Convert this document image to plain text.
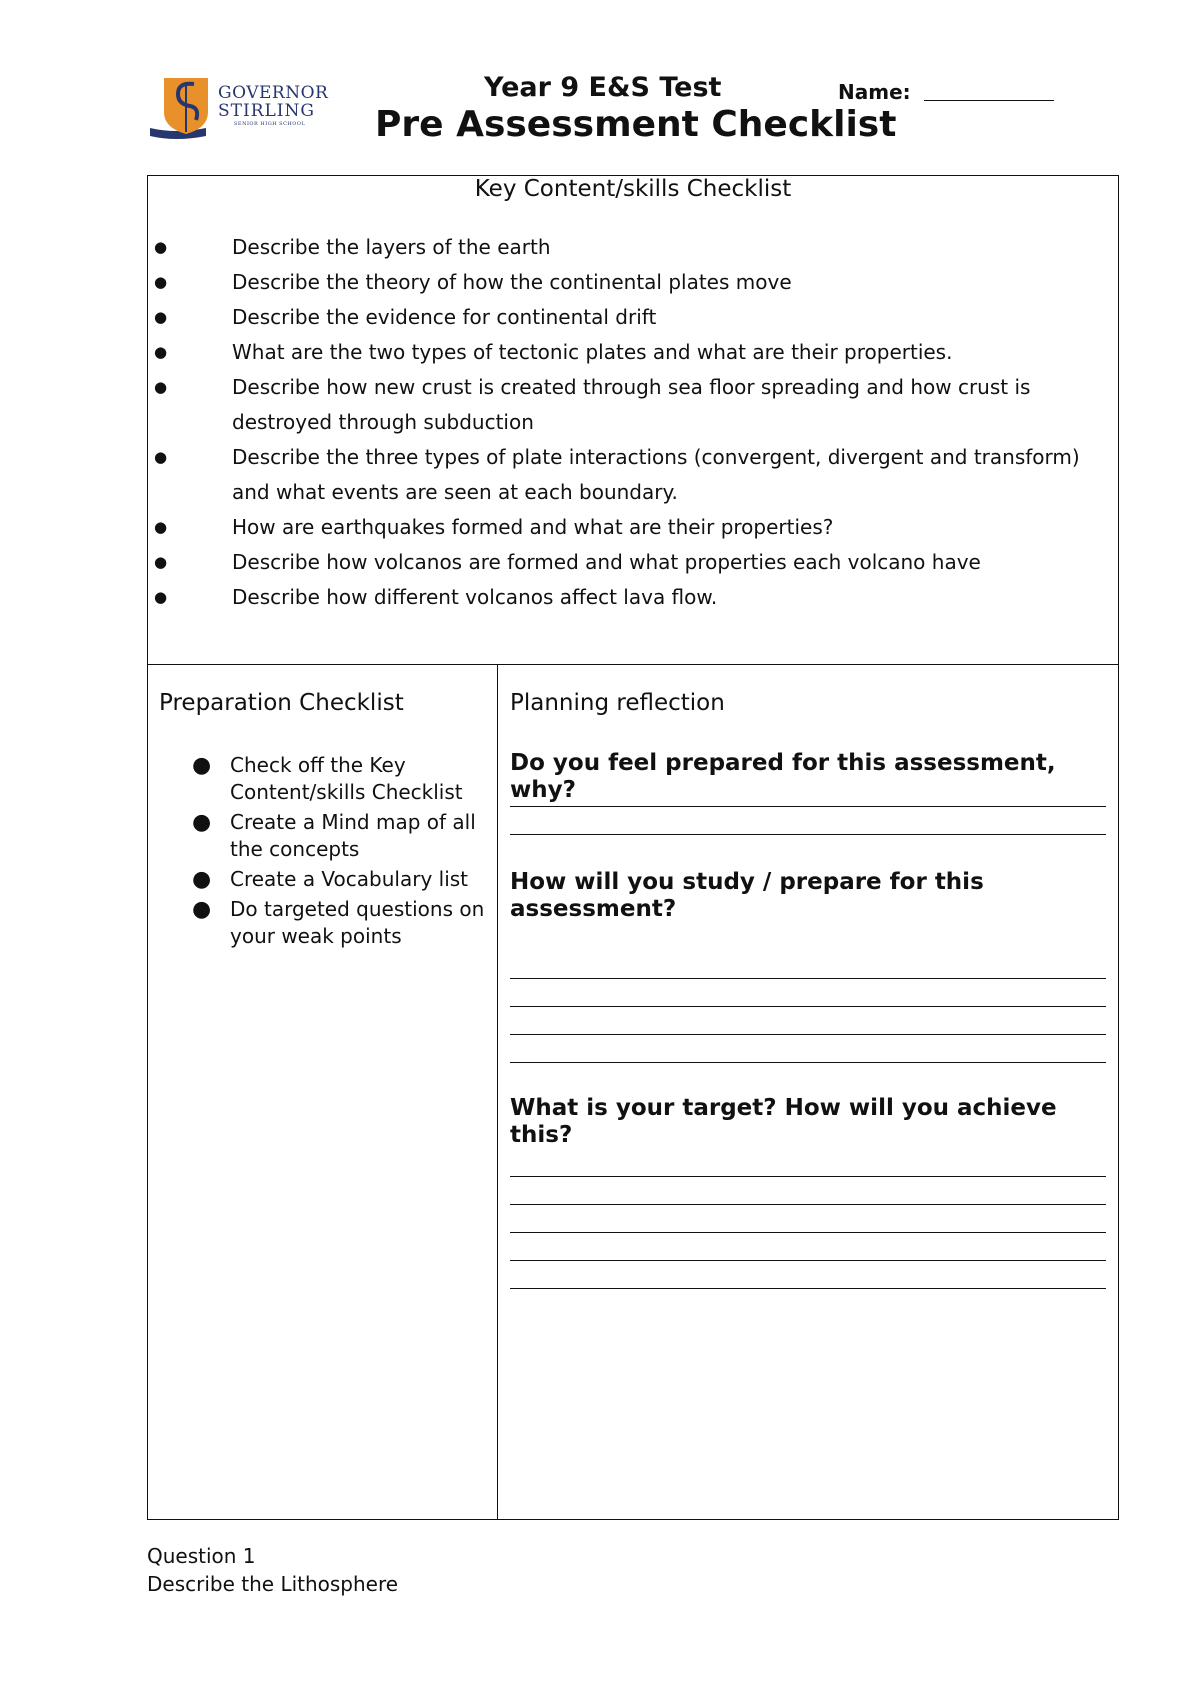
GOVERNOR
STIRLING
SENIOR HIGH SCHOOL
Year 9 E&S Test	Name:
Pre Assessment Checklist
Key Content/skills Checklist
●	Describe the layers of the earth
●	Describe the theory of how the continental plates move
●	Describe the evidence for continental drift
●	What are the two types of tectonic plates and what are their properties.
●	Describe how new crust is created through sea floor spreading and how crust is destroyed through subduction
●	Describe the three types of plate interactions (convergent, divergent and transform) and what events are seen at each boundary.
●	How are earthquakes formed and what are their properties?
●	Describe how volcanos are formed and what properties each volcano have
●	Describe how different volcanos affect lava flow.
Preparation Checklist
● Check off the Key Content/skills Checklist
● Create a Mind map of all the concepts
● Create a Vocabulary list
● Do targeted questions on your weak points
Planning reflection
Do you feel prepared for this assessment, why?
How will you study / prepare for this assessment?
What is your target? How will you achieve this?
Question 1
Describe the Lithosphere
